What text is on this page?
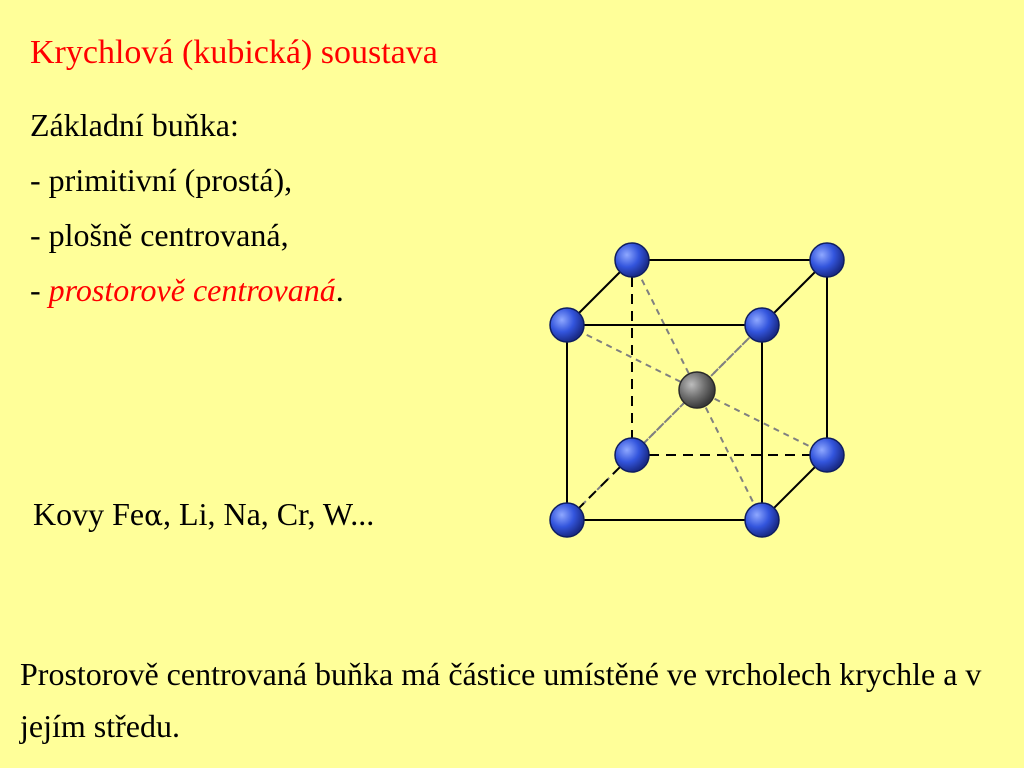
Krychlová (kubická) soustava
Základní buňka:
- primitivní (prostá),
- plošně centrovaná,
- prostorově centrovaná.
Kovy Feα, Li, Na, Cr, W...
Prostorově centrovaná buňka má částice umístěné ve vrcholech krychle a v jejím středu.
